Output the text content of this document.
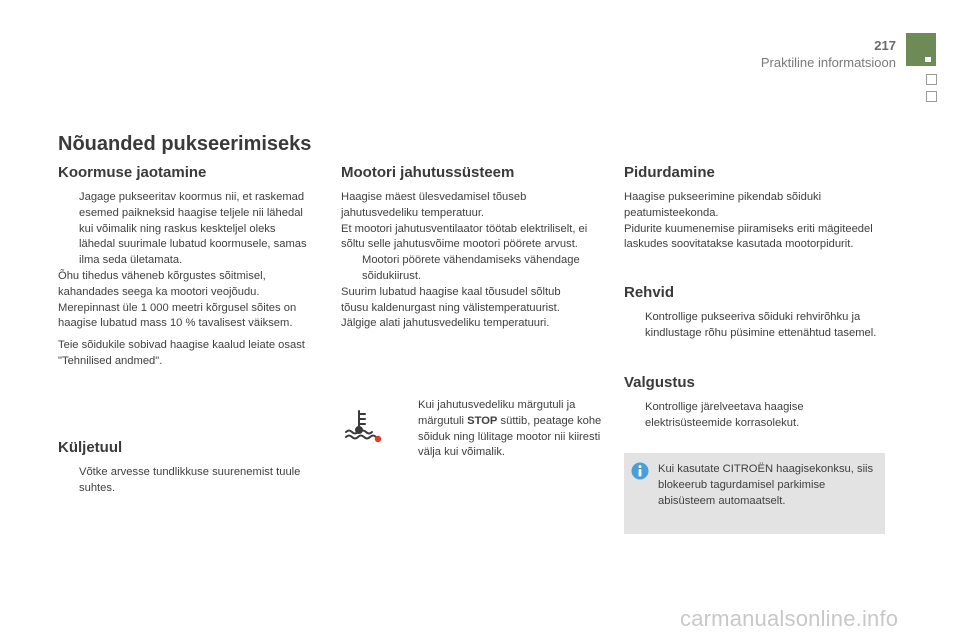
217
Praktiline informatsioon
Nõuanded pukseerimiseks
Koormuse jaotamine
Jagage pukseeritav koormus nii, et raskemad esemed paikneksid haagise teljele nii lähedal kui võimalik ning raskus keskteljel oleks lähedal suurimale lubatud koormusele, samas ilma seda ületamata.
Õhu tihedus väheneb kõrgustes sõitmisel, kahandades seega ka mootori veojõudu. Merepinnast üle 1 000 meetri kõrgusel sõites on haagise lubatud mass 10 % tavalisest väiksem.
Teie sõidukile sobivad haagise kaalud leiate osast "Tehnilised andmed".
Küljetuul
Võtke arvesse tundlikkuse suurenemist tuule suhtes.
Mootori jahutussüsteem
Haagise mäest ülesvedamisel tõuseb jahutusvedeliku temperatuur.
Et mootori jahutusventilaator töötab elektriliselt, ei sõltu selle jahutusvõime mootori pöörete arvust.
Mootori pöörete vähendamiseks vähendage sõidukiirust.
Suurim lubatud haagise kaal tõusudel sõltub tõusu kaldenurgast ning välistemperatuurist. Jälgige alati jahutusvedeliku temperatuuri.
Kui jahutusvedeliku märgutuli ja märgutuli STOP süttib, peatage kohe sõiduk ning lülitage mootor nii kiiresti välja kui võimalik.
Pidurdamine
Haagise pukseerimine pikendab sõiduki peatumisteekonda.
Pidurite kuumenemise piiramiseks eriti mägiteedel laskudes soovitatakse kasutada mootorpidurit.
Rehvid
Kontrollige pukseeriva sõiduki rehvirõhku ja kindlustage rõhu püsimine ettenähtud tasemel.
Valgustus
Kontrollige järelveetava haagise elektrisüsteemide korrasolekut.
Kui kasutate CITROËN haagisekonksu, siis blokeerub tagurdamisel parkimise abisüsteem automaatselt.
carmanualsonline.info
